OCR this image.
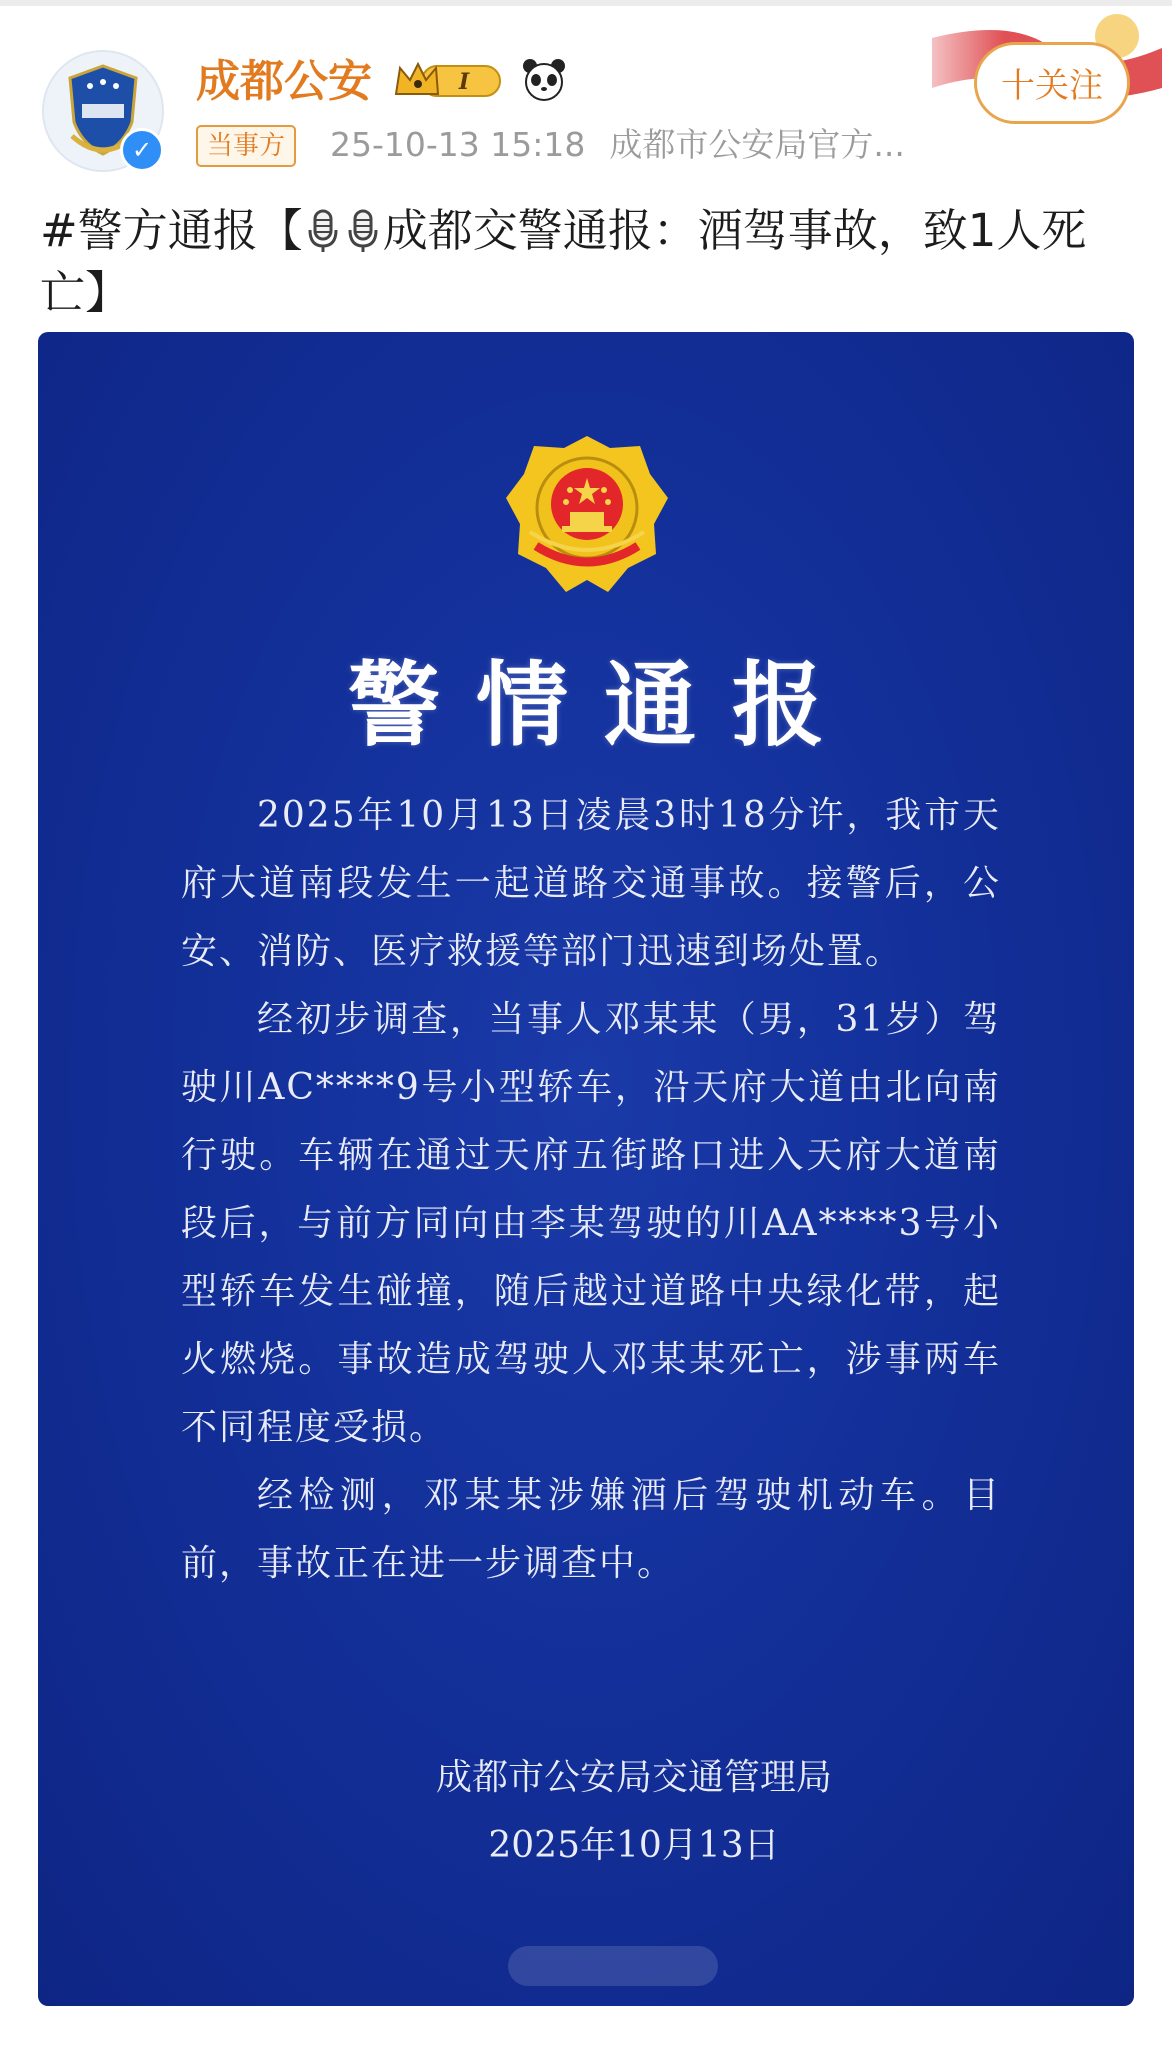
✓
成都公安	I
当事方	25-10-13 15:18 成都市公安局官方...
十关注
#警方通报【 成都交警通报：酒驾事故，致1人死亡】
警情通报

2025年10月13日凌晨3时18分许，我市天府大道南段发生一起道路交通事故。接警后，公安、消防、医疗救援等部门迅速到场处置。

经初步调查，当事人邓某某（男，31岁）驾驶川AC****9号小型轿车，沿天府大道由北向南行驶。车辆在通过天府五街路口进入天府大道南段后，与前方同向由李某驾驶的川AA****3号小型轿车发生碰撞，随后越过道路中央绿化带，起火燃烧。事故造成驾驶人邓某某死亡，涉事两车不同程度受损。

经检测，邓某某涉嫌酒后驾驶机动车。目前，事故正在进一步调查中。

成都市公安局交通管理局
2025年10月13日
